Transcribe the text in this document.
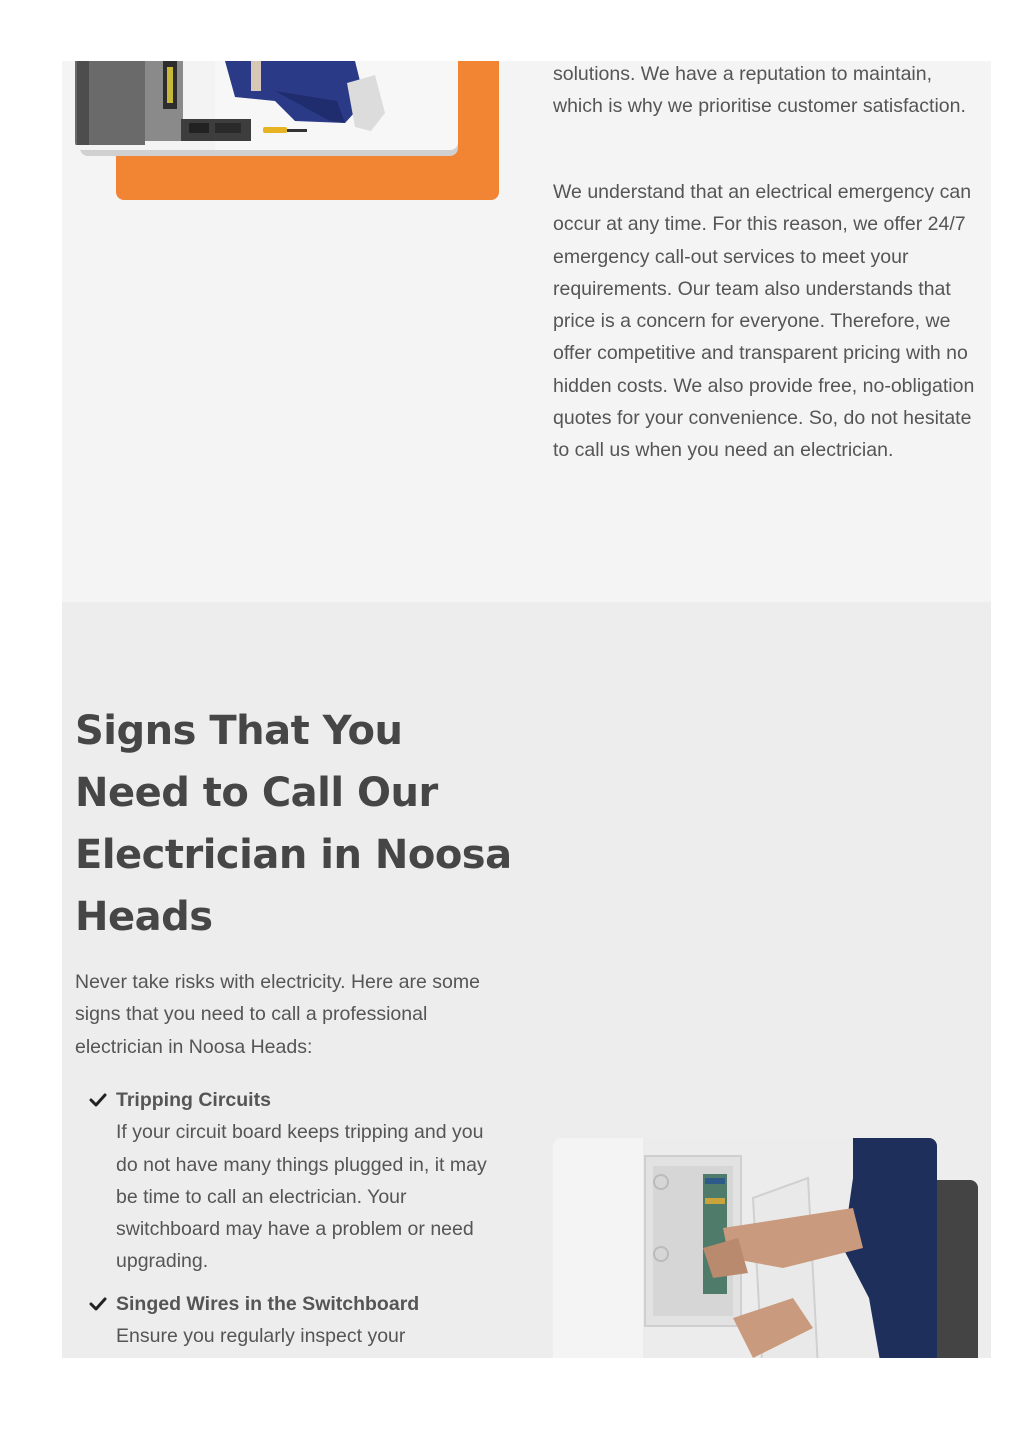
solutions. We have a reputation to maintain, which is why we prioritise customer satisfaction.

We understand that an electrical emergency can occur at any time. For this reason, we offer 24/7 emergency call-out services to meet your requirements. Our team also understands that price is a concern for everyone. Therefore, we offer competitive and transparent pricing with no hidden costs. We also provide free, no-obligation quotes for your convenience. So, do not hesitate to call us when you need an electrician.

Signs That You Need to Call Our Electrician in Noosa Heads

Never take risks with electricity. Here are some signs that you need to call a professional electrician in Noosa Heads:

Tripping Circuits
If your circuit board keeps tripping and you do not have many things plugged in, it may be time to call an electrician. Your switchboard may have a problem or need upgrading.
Singed Wires in the Switchboard
Ensure you regularly inspect your
